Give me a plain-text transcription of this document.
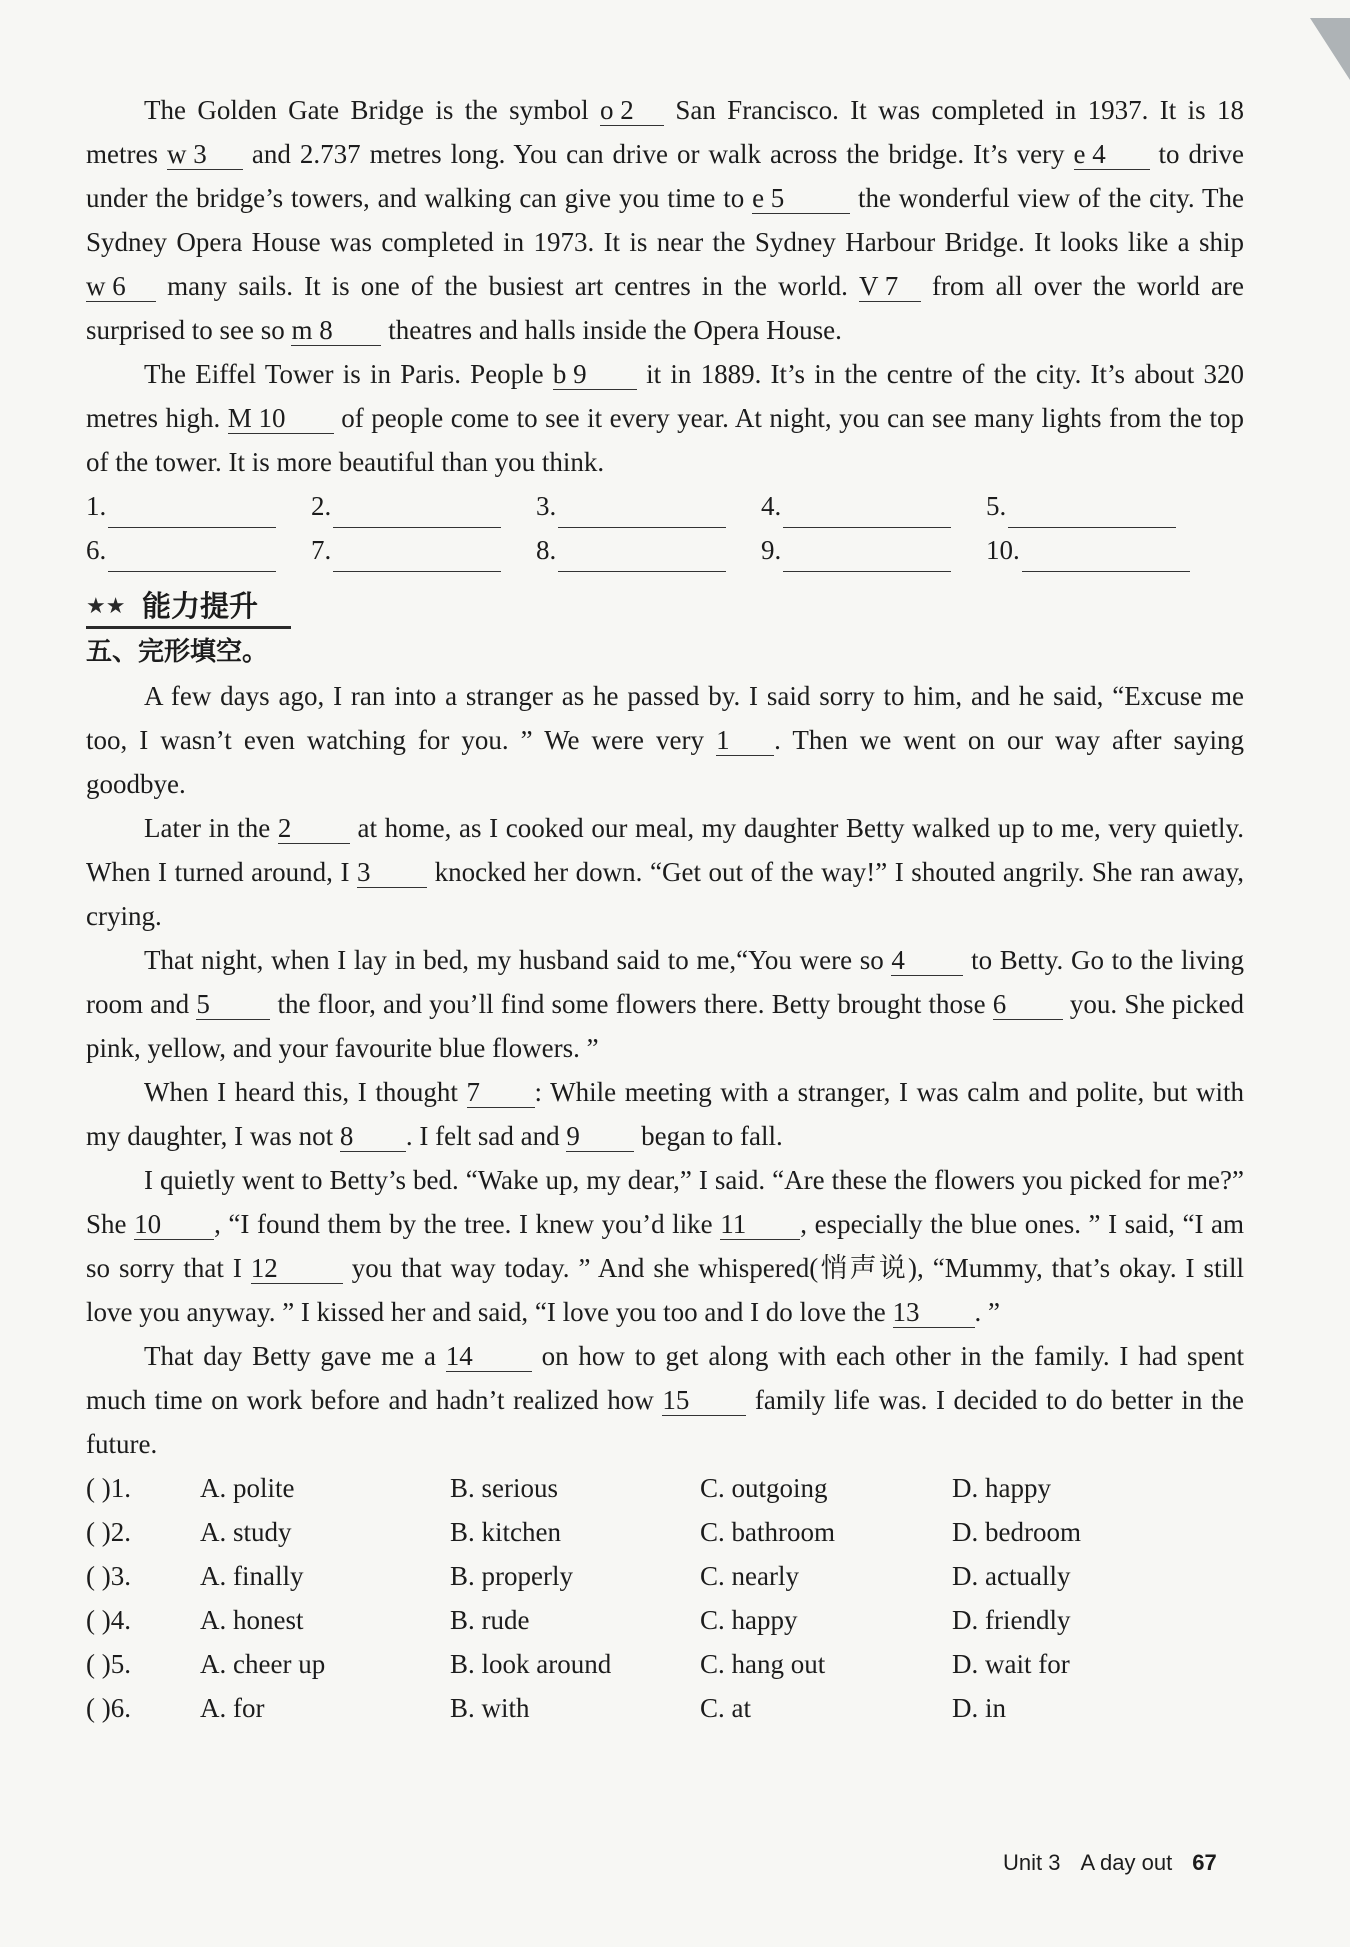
The Golden Gate Bridge is the symbol o 2 San Francisco. It was completed in 1937. It is 18 metres w 3 and 2.737 metres long. You can drive or walk across the bridge. It’s very e 4 to drive under the bridge’s towers, and walking can give you time to e 5 the wonderful view of the city. The Sydney Opera House was completed in 1973. It is near the Sydney Harbour Bridge. It looks like a ship w 6 many sails. It is one of the busiest art centres in the world. V 7 from all over the world are surprised to see so m 8 theatres and halls inside the Opera House.

The Eiffel Tower is in Paris. People b 9 it in 1889. It’s in the centre of the city. It’s about 320 metres high. M 10 of people come to see it every year. At night, you can see many lights from the top of the tower. It is more beautiful than you think.

1.	2.	3.	4.	5.
6.	7.	8.	9.	10.
★★ 能力提升
五、完形填空。

A few days ago, I ran into a stranger as he passed by. I said sorry to him, and he said, “Excuse me too, I wasn’t even watching for you. ” We were very 1 . Then we went on our way after saying goodbye.

Later in the 2 at home, as I cooked our meal, my daughter Betty walked up to me, very quietly. When I turned around, I 3 knocked her down. “Get out of the way!” I shouted angrily. She ran away, crying.

That night, when I lay in bed, my husband said to me,“You were so 4 to Betty. Go to the living room and 5 the floor, and you’ll find some flowers there. Betty brought those 6 you. She picked pink, yellow, and your favourite blue flowers. ”

When I heard this, I thought 7 : While meeting with a stranger, I was calm and polite, but with my daughter, I was not 8 . I felt sad and 9 began to fall.

I quietly went to Betty’s bed. “Wake up, my dear,” I said. “Are these the flowers you picked for me?” She 10 , “I found them by the tree. I knew you’d like 11 , especially the blue ones. ” I said, “I am so sorry that I 12 you that way today. ” And she whispered(悄声说), “Mummy, that’s okay. I still love you anyway. ” I kissed her and said, “I love you too and I do love the 13 . ”

That day Betty gave me a 14 on how to get along with each other in the family. I had spent much time on work before and hadn’t realized how 15 family life was. I decided to do better in the future.

( )1.	A. polite	B. serious	C. outgoing	D. happy
( )2.	A. study	B. kitchen	C. bathroom	D. bedroom
( )3.	A. finally	B. properly	C. nearly	D. actually
( )4.	A. honest	B. rude	C. happy	D. friendly
( )5.	A. cheer up	B. look around	C. hang out	D. wait for
( )6.	A. for	B. with	C. at	D. in
Unit 3 A day out 67
